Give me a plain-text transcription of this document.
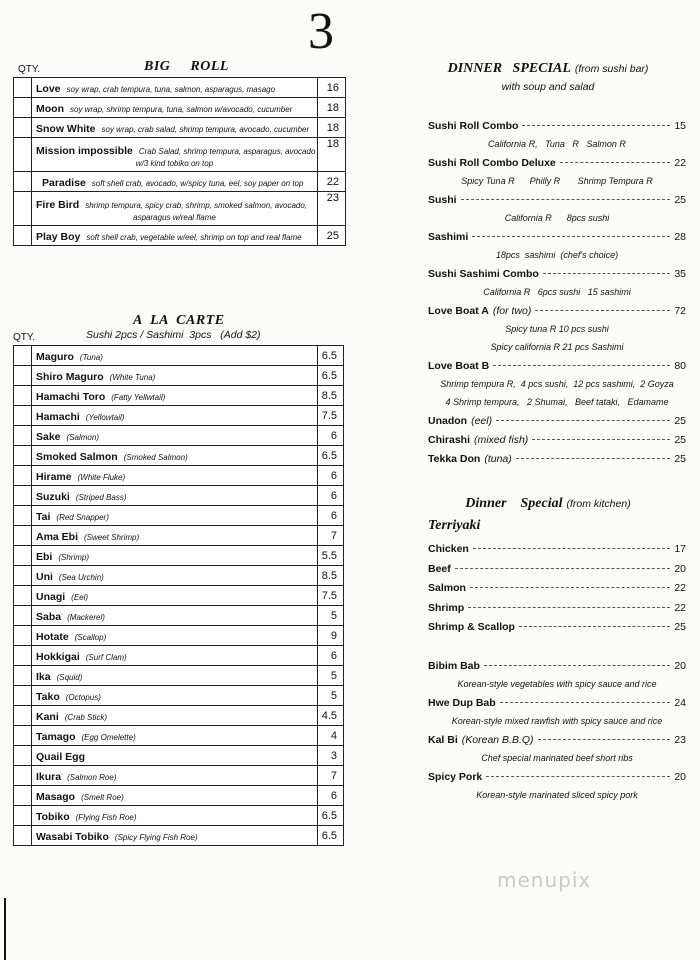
3
QTY.	BIG     ROLL
	Love soy wrap, crab tempura, tuna, salmon, asparagus, masago	16
	Moon soy wrap, shrimp tempura, tuna, salmon w/avocado, cucumber	18
	Snow White soy wrap, crab salad, shrimp tempura, avocado, cucumber	18
	Mission impossible Crab Salad, shrimp tempura, asparagus, avocado
w/3 kind tobiko on top	18
	Paradise soft shell crab, avocado, w/spicy tuna, eel, soy paper on top	22
	Fire Bird shrimp tempura, spicy crab, shrimp, smoked salmon, avocado,
asparagus w/real flame	23
	Play Boy soft shell crab, vegetable w/eel, shrimp on top and real flame	25
A  LA  CARTE
QTY.	Sushi 2pcs / Sashimi  3pcs   (Add $2)
	Maguro (Tuna)	6.5
	Shiro Maguro (White Tuna)	6.5
	Hamachi Toro (Fatty Yellwtail)	8.5
	Hamachi (Yellowtail)	7.5
	Sake (Salmon)	6
	Smoked Salmon (Smoked Salmon)	6.5
	Hirame (White Fluke)	6
	Suzuki (Striped Bass)	6
	Tai (Red Snapper)	6
	Ama Ebi (Sweet Shrimp)	7
	Ebi (Shrimp)	5.5
	Uni (Sea Urchin)	8.5
	Unagi (Eel)	7.5
	Saba (Mackerel)	5
	Hotate (Scallop)	9
	Hokkigai (Surf Clam)	6
	Ika (Squid)	5
	Tako (Octopus)	5
	Kani (Crab Stick)	4.5
	Tamago (Egg Omelette)	4
	Quail Egg	3
	Ikura (Salmon Roe)	7
	Masago (Smelt Roe)	6
	Tobiko (Flying Fish Roe)	6.5
	Wasabi Tobiko (Spicy Flying Fish Roe)	6.5
DINNER   SPECIAL (from sushi bar)
with soup and salad
Sushi Roll Combo	15
California R,   Tuna   R   Salmon R
Sushi Roll Combo Deluxe	22
Spicy Tuna R      Philly R       Shrimp Tempura R
Sushi	25
California R      8pcs sushi
Sashimi	28
18pcs  sashimi  (chef's choice)
Sushi Sashimi Combo	35
California R   6pcs sushi   15 sashimi
Love Boat A (for two)	72
Spicy tuna R 10 pcs sushi
Spicy california R 21 pcs Sashimi
Love Boat B	80
Shrimp tempura R,  4 pcs sushi,  12 pcs sashimi,  2 Goyza
4 Shrimp tempura,   2 Shumai,   Beef tataki,   Edamame
Unadon (eel)	25
Chirashi (mixed fish)	25
Tekka Don (tuna)	25
Dinner    Special (from kitchen)
Terriyaki
Chicken	17
Beef	20
Salmon	22
Shrimp	22
Shrimp & Scallop	25
Bibim Bab	20
Korean-style vegetables with spicy sauce and rice
Hwe Dup Bab	24
Korean-style mixed rawfish with spicy sauce and rice
Kal Bi (Korean B.B.Q)	23
Chef special marinated beef short ribs
Spicy Pork	20
Korean-style marinated sliced spicy pork
menupix
